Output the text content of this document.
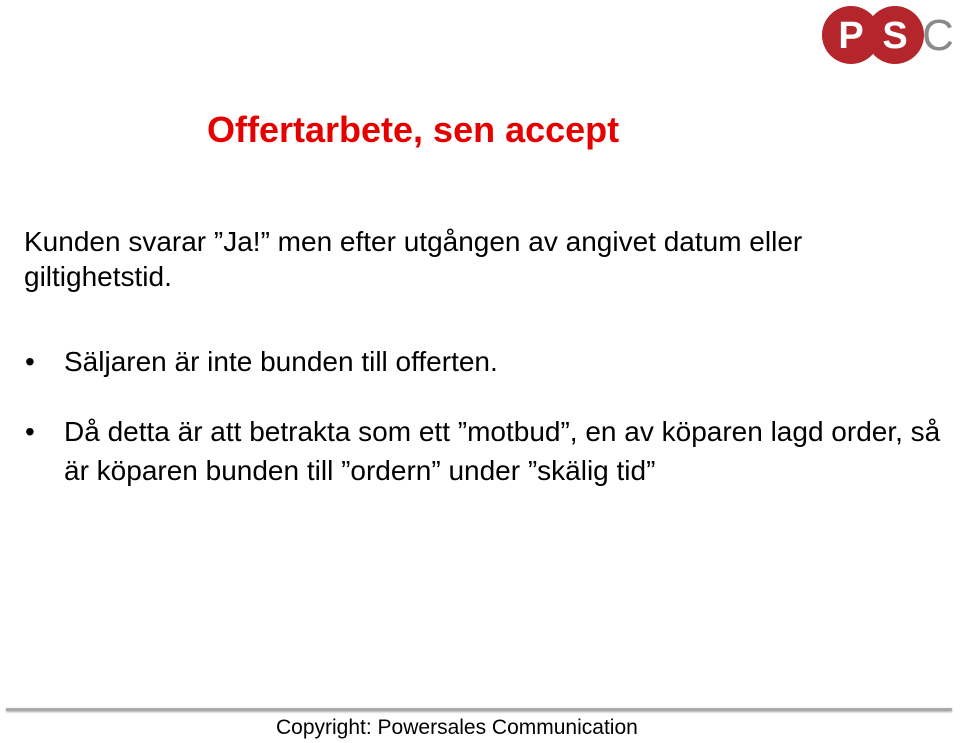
P S C
Offertarbete, sen accept

Kunden svarar ”Ja!” men efter utgången av angivet datum eller giltighetstid.

• Säljaren är inte bunden till offerten.
• Då detta är att betrakta som ett ”motbud”, en av köparen lagd order, så är köparen bunden till ”ordern” under ”skälig tid”

Copyright: Powersales Communication
